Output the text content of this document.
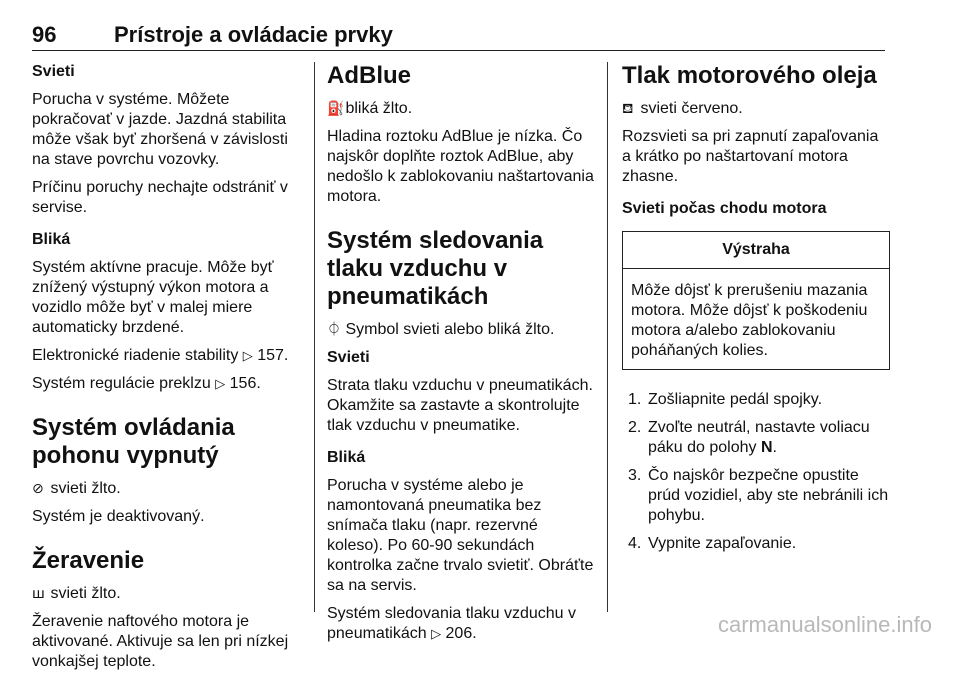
96	Prístroje a ovládacie prvky
Svieti

Porucha v systéme. Môžete pokračovať v jazde. Jazdná stabilita môže však byť zhoršená v závislosti na stave povrchu vozovky.

Príčinu poruchy nechajte odstrániť v servise.

Bliká

Systém aktívne pracuje. Môže byť znížený výstupný výkon motora a vozidlo môže byť v malej miere automaticky brzdené.

Elektronické riadenie stability ▷ 157.

Systém regulácie preklzu ▷ 156.

Systém ovládania pohonu vypnutý

⊘ svieti žlto.

Systém je deaktivovaný.

Žeravenie

ꟺ svieti žlto.

Žeravenie naftového motora je aktivované. Aktivuje sa len pri nízkej vonkajšej teplote.

AdBlue

⛽ bliká žlto.

Hladina roztoku AdBlue je nízka. Čo najskôr doplňte roztok AdBlue, aby nedošlo k zablokovaniu naštartovania motora.

Systém sledovania tlaku vzduchu v pneumatikách

⏀ Symbol svieti alebo bliká žlto.

Svieti

Strata tlaku vzduchu v pneumatikách. Okamžite sa zastavte a skontrolujte tlak vzduchu v pneumatike.

Bliká

Porucha v systéme alebo je namontovaná pneumatika bez snímača tlaku (napr. rezervné koleso). Po 60-90 sekundách kontrolka začne trvalo svietiť. Obráťte sa na servis.

Systém sledovania tlaku vzduchu v pneumatikách ▷ 206.

Tlak motorového oleja

⛾ svieti červeno.

Rozsvieti sa pri zapnutí zapaľovania a krátko po naštartovaní motora zhasne.

Svieti počas chodu motora
Výstraha
Môže dôjsť k prerušeniu mazania motora. Môže dôjsť k poškodeniu motora a/alebo zablokovaniu poháňaných kolies.
1. Zošliapnite pedál spojky.
2. Zvoľte neutrál, nastavte voliacu páku do polohy N.
3. Čo najskôr bezpečne opustite prúd vozidiel, aby ste nebránili ich pohybu.
4. Vypnite zapaľovanie.
carmanualsonline.info
